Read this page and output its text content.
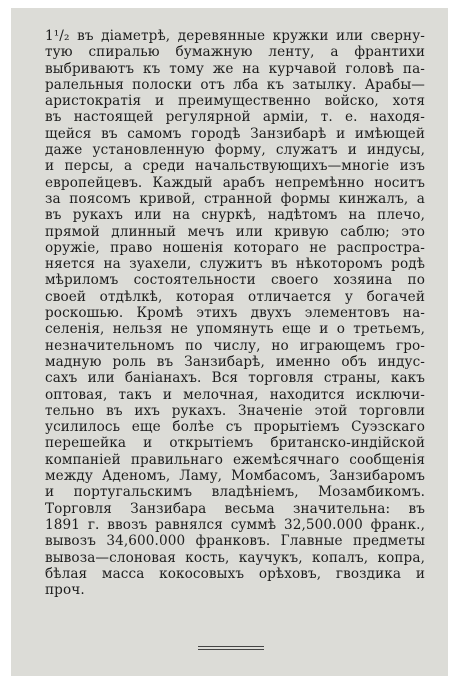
1¹/₂ въ діаметрѣ, деревянные кружки или сверну-
тую спиралью бумажную ленту, а франтихи
выбриваютъ къ тому же на курчавой головѣ па-
ралельныя полоски отъ лба къ затылку. Арабы—
аристократія и преимущественно войско, хотя
въ настоящей регулярной арміи, т. е. находя-
щейся въ самомъ городѣ Занзибарѣ и имѣющей
даже установленную форму, служатъ и индусы,
и персы, а среди начальствующихъ—многіе изъ
европейцевъ. Каждый арабъ непремѣнно носитъ
за поясомъ кривой, странной формы кинжалъ, а
въ рукахъ или на снуркѣ, надѣтомъ на плечо,
прямой длинный мечъ или кривую саблю; это
оружіе, право ношенія котораго не распростра-
няется на зуахели, служитъ въ нѣкоторомъ родѣ
мѣриломъ состоятельности своего хозяина по
своей отдѣлкѣ, которая отличается у богачей
роскошью. Кромѣ этихъ двухъ элементовъ на-
селенія, нельзя не упомянуть еще и о третьемъ,
незначительномъ по числу, но играющемъ гро-
мадную роль въ Занзибарѣ, именно объ индус-
сахъ или баніанахъ. Вся торговля страны, какъ
оптовая, такъ и мелочная, находится исключи-
тельно въ ихъ рукахъ. Значеніе этой торговли
усилилось еще болѣе съ прорытіемъ Суэзскаго
перешейка и открытіемъ британско-индійской
компаніей правильнаго ежемѣсячнаго сообщенія
между Аденомъ, Ламу, Момбасомъ, Занзибаромъ
и португальскимъ владѣніемъ, Мозамбикомъ.
Торговля Занзибара весьма значительна: въ
1891 г. ввозъ равнялся суммѣ 32,500.000 франк.,
вывозъ 34,600.000 франковъ. Главные предметы
вывоза—слоновая кость, каучукъ, копалъ, копра,
бѣлая масса кокосовыхъ орѣховъ, гвоздика и
проч.
